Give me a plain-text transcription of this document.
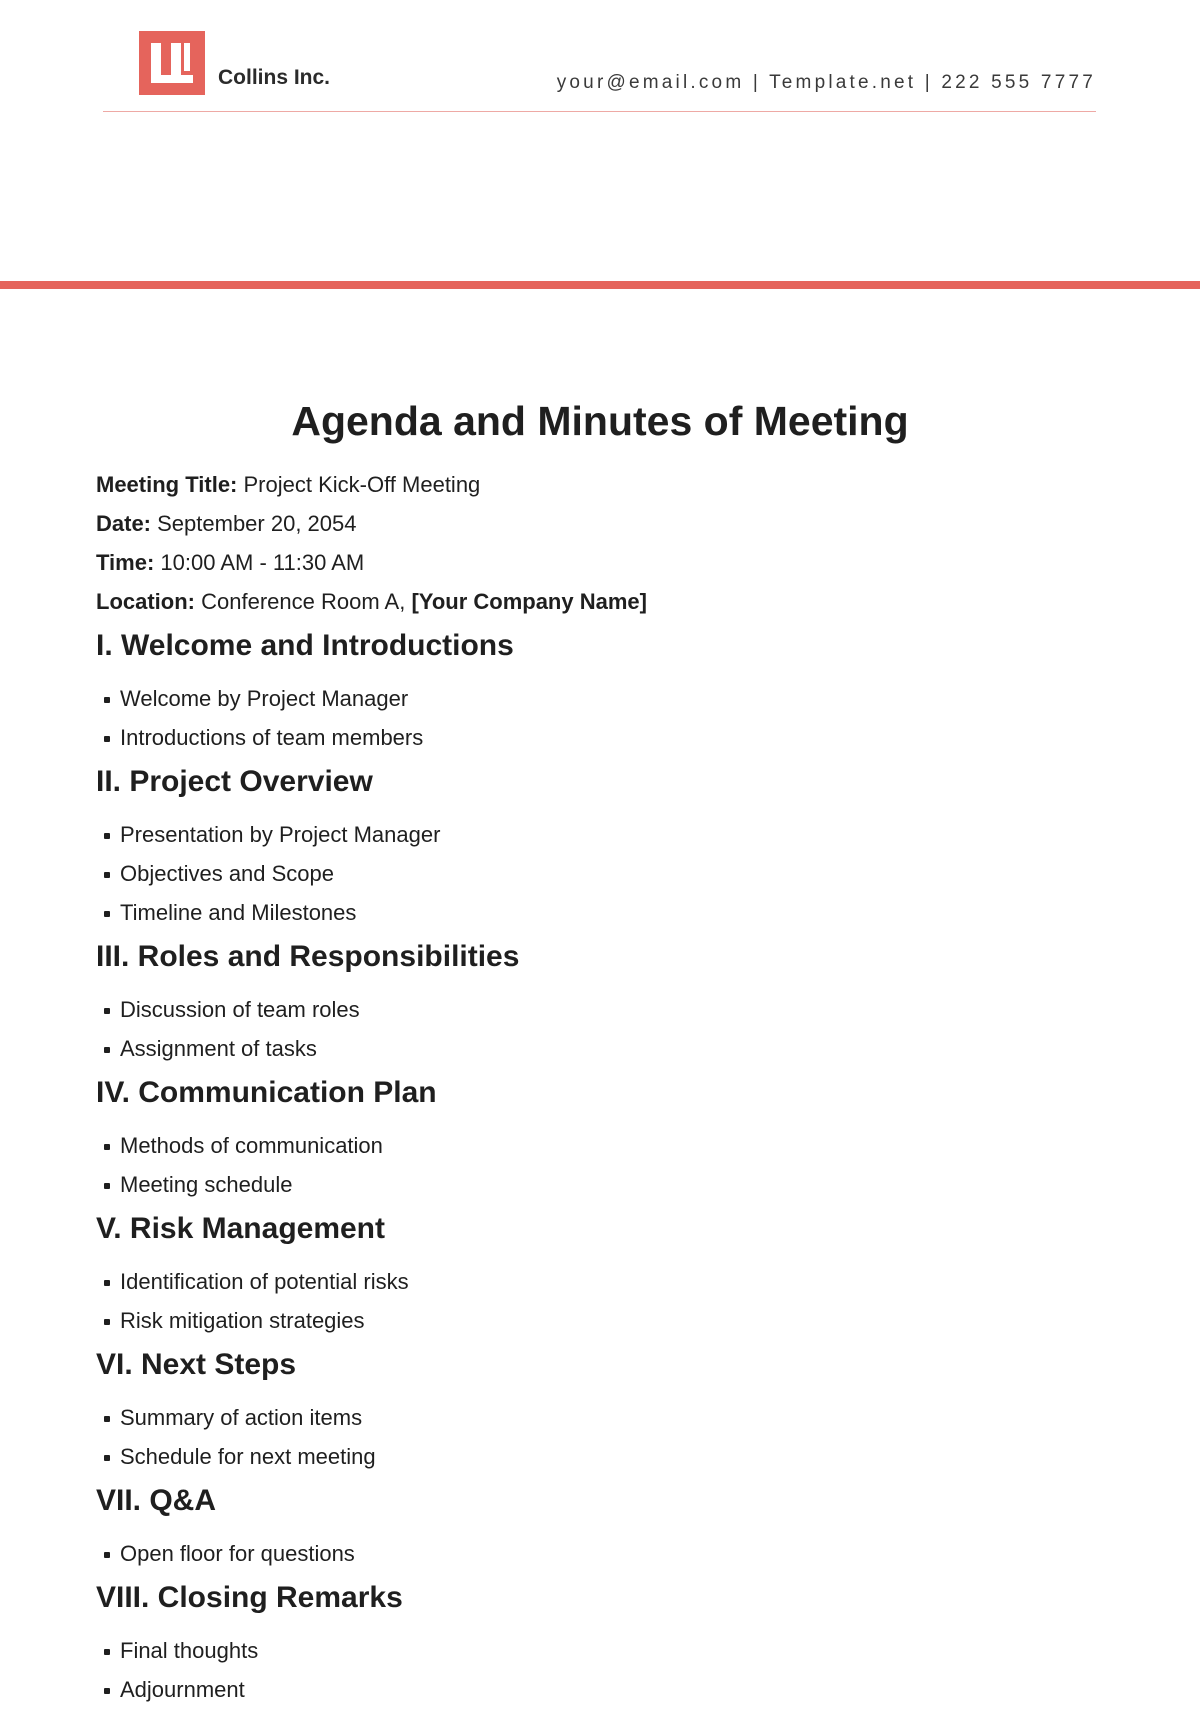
Collins Inc.	your@email.com | Template.net | 222 555 7777
Agenda and Minutes of Meeting
Meeting Title: Project Kick-Off Meeting
Date: September 20, 2054
Time: 10:00 AM - 11:30 AM
Location: Conference Room A, [Your Company Name]
I. Welcome and Introductions
Welcome by Project Manager
Introductions of team members
II. Project Overview
Presentation by Project Manager
Objectives and Scope
Timeline and Milestones
III. Roles and Responsibilities
Discussion of team roles
Assignment of tasks
IV. Communication Plan
Methods of communication
Meeting schedule
V. Risk Management
Identification of potential risks
Risk mitigation strategies
VI. Next Steps
Summary of action items
Schedule for next meeting
VII. Q&A
Open floor for questions
VIII. Closing Remarks
Final thoughts
Adjournment
